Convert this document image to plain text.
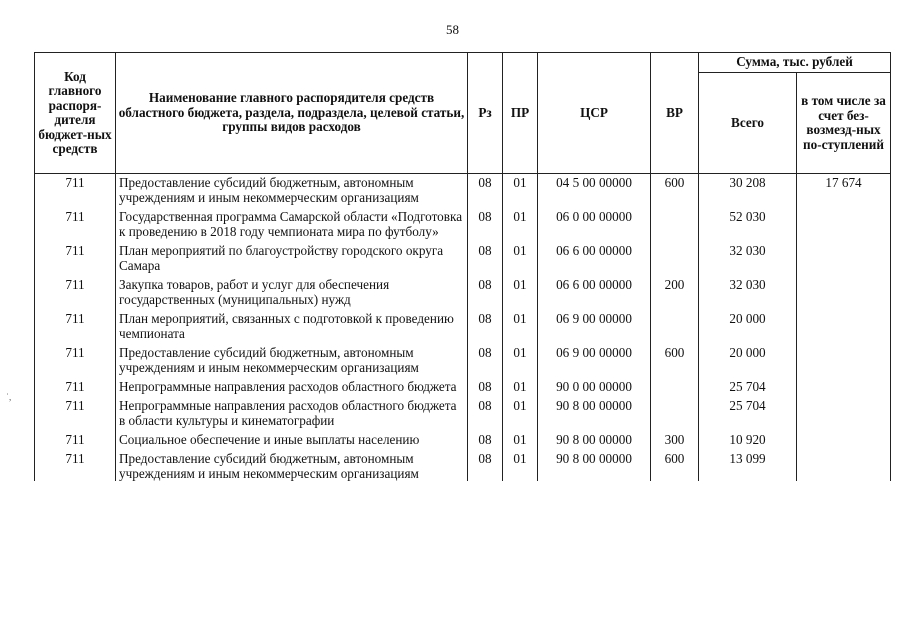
58
˙,
Код главного распоря-дителя бюджет-ных средств	Наименование главного распорядителя средств областного бюджета, раздела, подраздела, целевой статьи, группы видов расходов	Рз	ПР	ЦСР	ВР	Сумма, тыс. рублей	
						Всего	в том числе за счет без-возмезд-ных по-ступлений
711	Предоставление субсидий бюджетным, автономным учреждениям и иным некоммерческим организациям	08	01	04 5 00 00000	600	30 208	17 674

711	Государственная программа Самарской области «Подготовка к проведению в 2018 году чемпионата мира по футболу»	08	01	06 0 00 00000		52 030	

711	План мероприятий по благоустройству городского округа Самара	08	01	06 6 00 00000		32 030	

711	Закупка товаров, работ и услуг для обеспечения государственных (муниципальных) нужд	08	01	06 6 00 00000	200	32 030	

711	План мероприятий, связанных с подготовкой к проведению чемпионата	08	01	06 9 00 00000		20 000	

711	Предоставление субсидий бюджетным, автономным учреждениям и иным некоммерческим организациям	08	01	06 9 00 00000	600	20 000	

711	Непрограммные направления расходов областного бюджета	08	01	90 0 00 00000		25 704	

711	Непрограммные направления расходов областного бюджета в области культуры и кинематографии	08	01	90 8 00 00000		25 704	

711	Социальное обеспечение и иные выплаты населению	08	01	90 8 00 00000	300	10 920	

711	Предоставление субсидий бюджетным, автономным учреждениям и иным некоммерческим организациям	08	01	90 8 00 00000	600	13 099	
